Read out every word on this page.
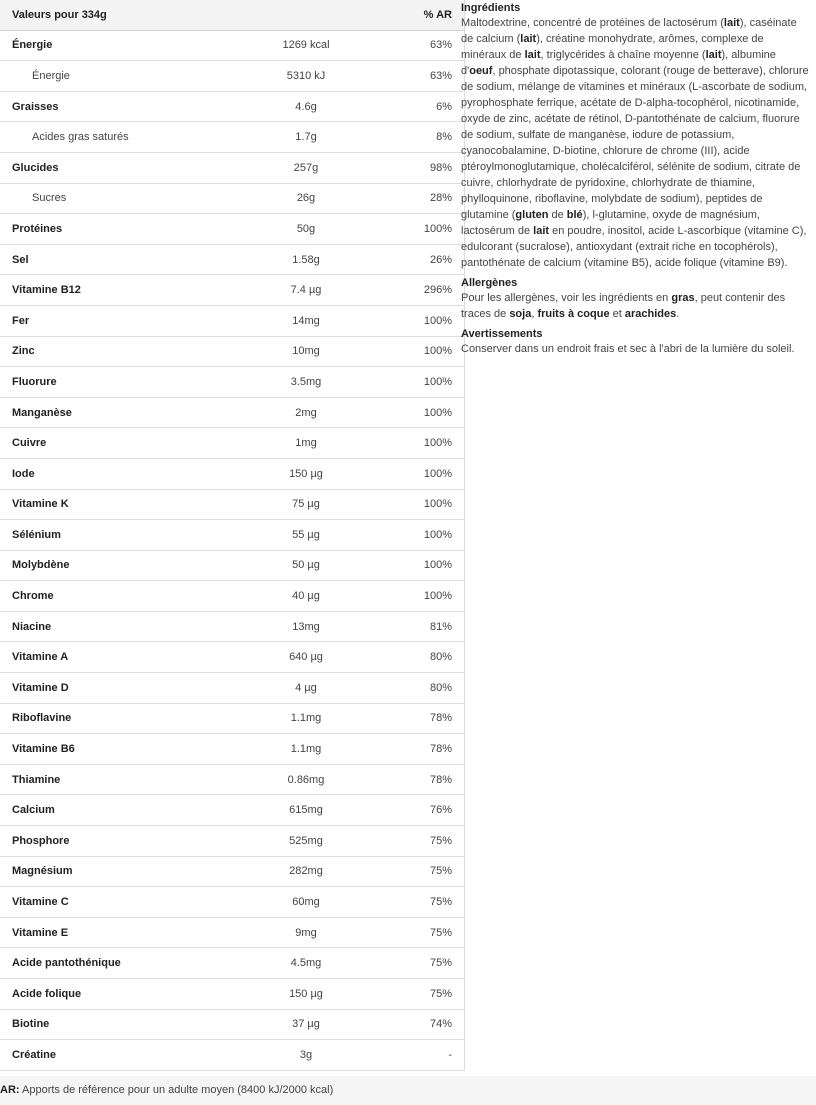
Valeurs pour 334g		% AR
Énergie	1269 kcal	63%
Énergie	5310 kJ	63%
Graisses	4.6g	6%
Acides gras saturés	1.7g	8%
Glucides	257g	98%
Sucres	26g	28%
Protéines	50g	100%
Sel	1.58g	26%
Vitamine B12	7.4 µg	296%
Fer	14mg	100%
Zinc	10mg	100%
Fluorure	3.5mg	100%
Manganèse	2mg	100%
Cuivre	1mg	100%
Iode	150 µg	100%
Vitamine K	75 µg	100%
Sélénium	55 µg	100%
Molybdène	50 µg	100%
Chrome	40 µg	100%
Niacine	13mg	81%
Vitamine A	640 µg	80%
Vitamine D	4 µg	80%
Riboflavine	1.1mg	78%
Vitamine B6	1.1mg	78%
Thiamine	0.86mg	78%
Calcium	615mg	76%
Phosphore	525mg	75%
Magnésium	282mg	75%
Vitamine C	60mg	75%
Vitamine E	9mg	75%
Acide pantothénique	4.5mg	75%
Acide folique	150 µg	75%
Biotine	37 µg	74%
Créatine	3g	-
Ingrédients

Maltodextrine, concentré de protéines de lactosérum (lait), caséinate de calcium (lait), créatine monohydrate, arômes, complexe de minéraux de lait, triglycérides à chaîne moyenne (lait), albumine d'oeuf, phosphate dipotassique, colorant (rouge de betterave), chlorure de sodium, mélange de vitamines et minéraux (L-ascorbate de sodium, pyrophosphate ferrique, acétate de D-alpha-tocophérol, nicotinamide, oxyde de zinc, acétate de rétinol, D-pantothénate de calcium, fluorure de sodium, sulfate de manganèse, iodure de potassium, cyanocobalamine, D-biotine, chlorure de chrome (III), acide ptéroylmonoglutamique, cholécalciférol, sélénite de sodium, citrate de cuivre, chlorhydrate de pyridoxine, chlorhydrate de thiamine, phylloquinone, riboflavine, molybdate de sodium), peptides de glutamine (gluten de blé), l-glutamine, oxyde de magnésium, lactosérum de lait en poudre, inositol, acide L-ascorbique (vitamine C), edulcorant (sucralose), antioxydant (extrait riche en tocophérols), pantothénate de calcium (vitamine B5), acide folique (vitamine B9).

Allergènes

Pour les allergènes, voir les ingrédients en gras, peut contenir des traces de soja, fruits à coque et arachides.

Avertissements

Conserver dans un endroit frais et sec à l'abri de la lumière du soleil.

AR: Apports de référence pour un adulte moyen (8400 kJ/2000 kcal)
